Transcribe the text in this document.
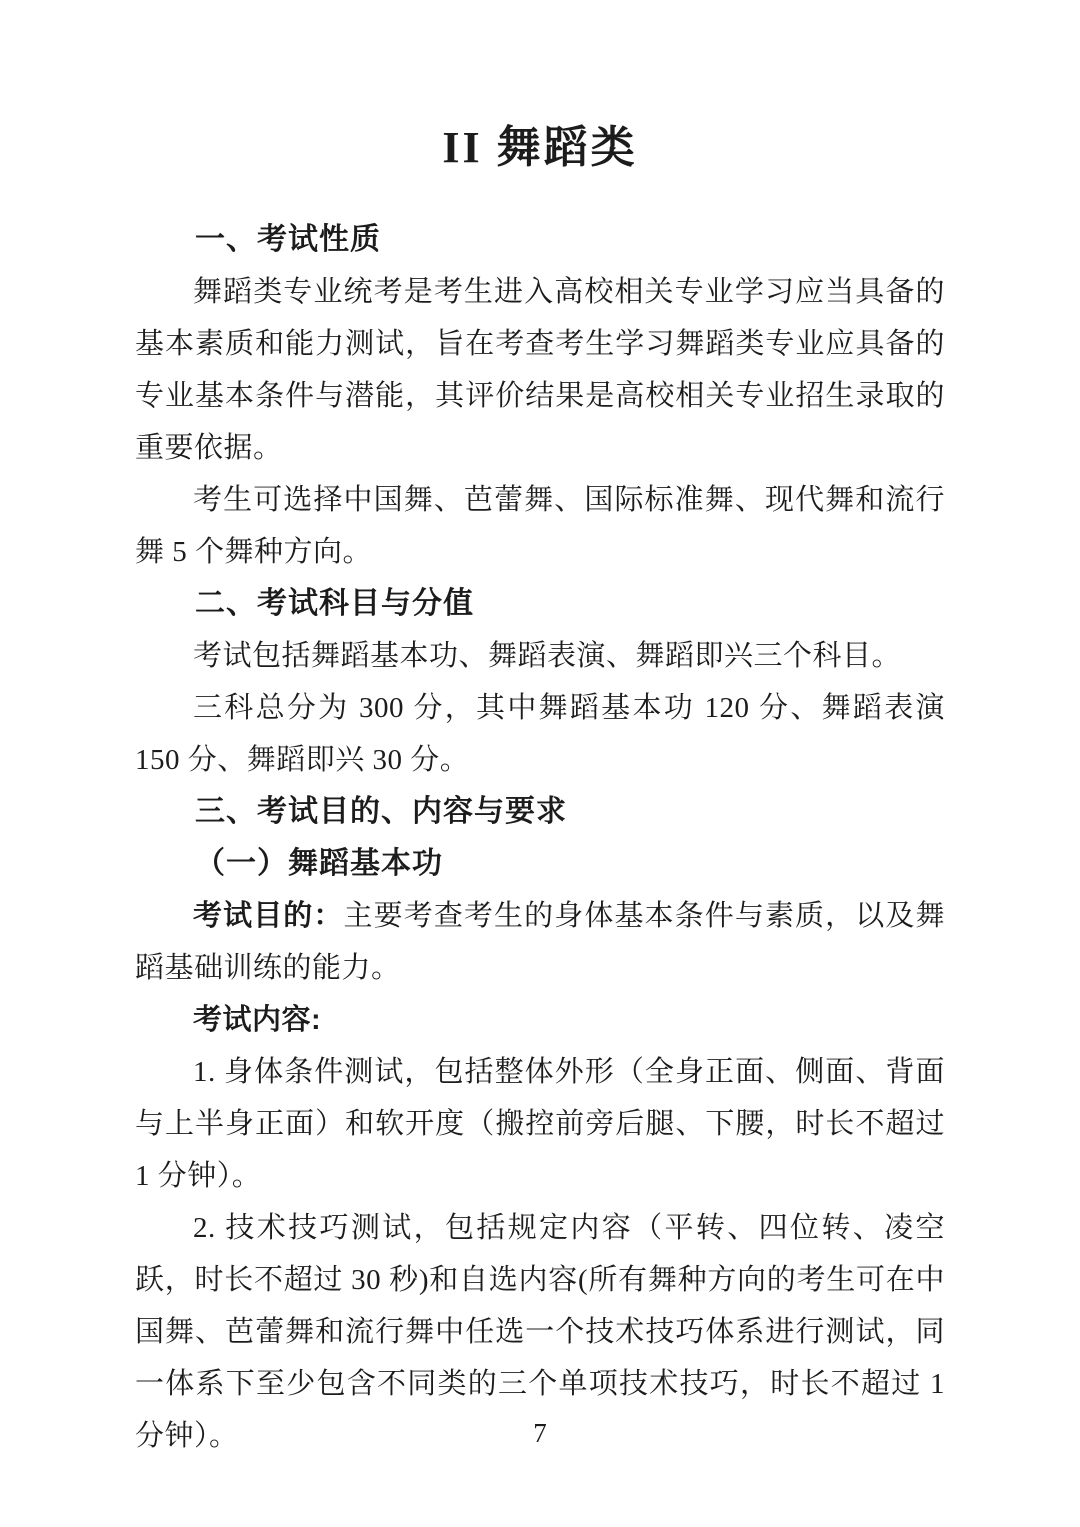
II 舞蹈类
一、考试性质

舞蹈类专业统考是考生进入高校相关专业学习应当具备的基本素质和能力测试，旨在考查考生学习舞蹈类专业应具备的专业基本条件与潜能，其评价结果是高校相关专业招生录取的重要依据。

考生可选择中国舞、芭蕾舞、国际标准舞、现代舞和流行舞 5 个舞种方向。

二、考试科目与分值

考试包括舞蹈基本功、舞蹈表演、舞蹈即兴三个科目。

三科总分为 300 分，其中舞蹈基本功 120 分、舞蹈表演 150 分、舞蹈即兴 30 分。

三、考试目的、内容与要求
（一）舞蹈基本功

考试目的：主要考查考生的身体基本条件与素质，以及舞蹈基础训练的能力。

考试内容:

1. 身体条件测试，包括整体外形（全身正面、侧面、背面与上半身正面）和软开度（搬控前旁后腿、下腰，时长不超过 1 分钟）。

2. 技术技巧测试，包括规定内容（平转、四位转、凌空跃，时长不超过 30 秒)和自选内容(所有舞种方向的考生可在中国舞、芭蕾舞和流行舞中任选一个技术技巧体系进行测试，同一体系下至少包含不同类的三个单项技术技巧，时长不超过 1 分钟）。	7
